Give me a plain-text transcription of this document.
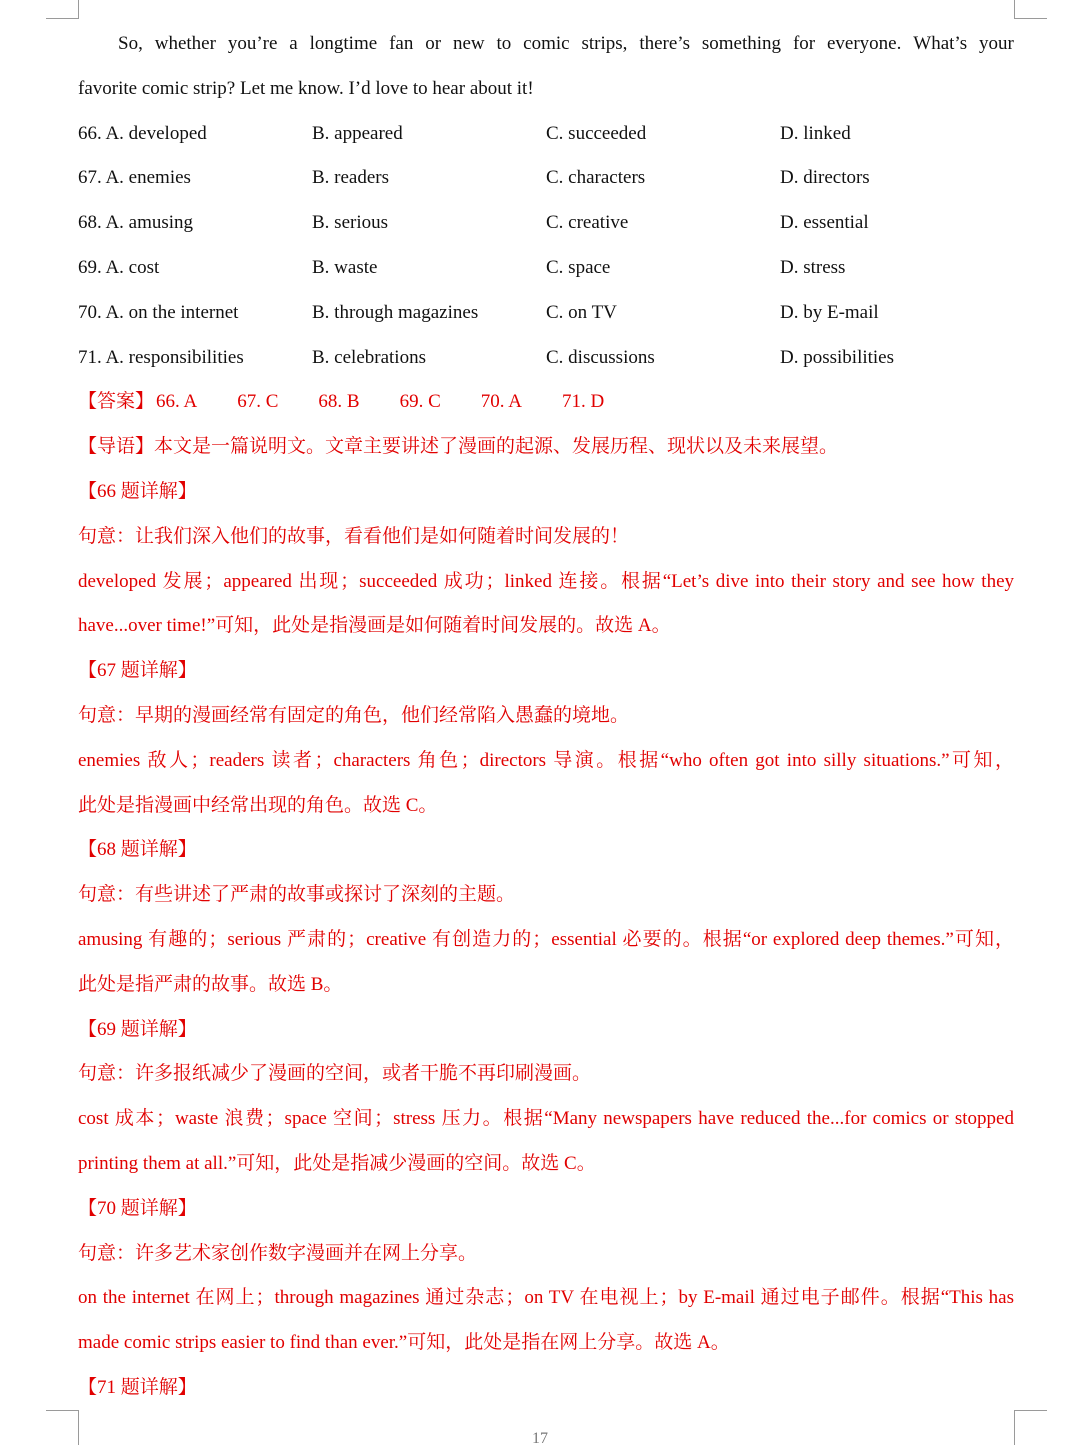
So, whether you’re a longtime fan or new to comic strips, there’s something for everyone. What’s your
favorite comic strip? Let me know. I’d love to hear about it!
66. A. developed	B. appeared	C. succeeded	D. linked
67. A. enemies	B. readers	C. characters	D. directors
68. A. amusing	B. serious	C. creative	D. essential
69. A. cost	B. waste	C. space	D. stress
70. A. on the internet	B. through magazines	C. on TV	D. by E-mail
71. A. responsibilities	B. celebrations	C. discussions	D. possibilities
【答案】 66. A 67. C 68. B 69. C 70. A 71. D
【导语】本文是一篇说明文。文章主要讲述了漫画的起源、发展历程、现状以及未来展望。
【66 题详解】
句意：让我们深入他们的故事，看看他们是如何随着时间发展的！
developed 发展；appeared 出现；succeeded 成功；linked 连接。根据“Let’s dive into their story and see how they
have...over time!”可知，此处是指漫画是如何随着时间发展的。故选 A。
【67 题详解】
句意：早期的漫画经常有固定的角色，他们经常陷入愚蠢的境地。
enemies 敌人；readers 读者；characters 角色；directors 导演。根据“who often got into silly situations.”可知，
此处是指漫画中经常出现的角色。故选 C。
【68 题详解】
句意：有些讲述了严肃的故事或探讨了深刻的主题。
amusing 有趣的；serious 严肃的；creative 有创造力的；essential 必要的。根据“or explored deep themes.”可知，
此处是指严肃的故事。故选 B。
【69 题详解】
句意：许多报纸减少了漫画的空间，或者干脆不再印刷漫画。
cost 成本；waste 浪费；space 空间；stress 压力。根据“Many newspapers have reduced the...for comics or stopped
printing them at all.”可知，此处是指减少漫画的空间。故选 C。
【70 题详解】
句意：许多艺术家创作数字漫画并在网上分享。
on the internet 在网上；through magazines 通过杂志；on TV 在电视上；by E-mail 通过电子邮件。根据“This has
made comic strips easier to find than ever.”可知，此处是指在网上分享。故选 A。
【71 题详解】
17
